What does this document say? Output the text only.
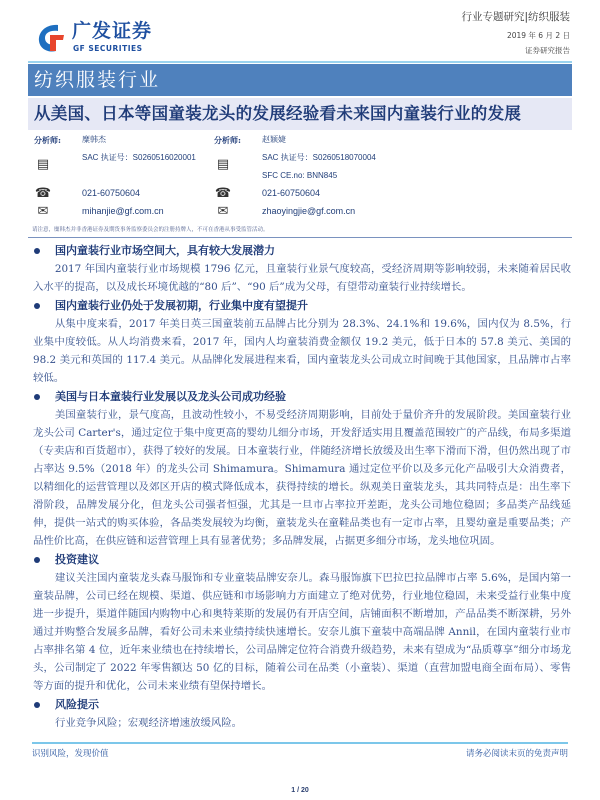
广发证券
GF SECURITIES
行业专题研究|纺织服装
2019 年 6 月 2 日
证券研究报告
纺织服装行业
从美国、日本等国童装龙头的发展经验看未来国内童装行业的发展
分析师:	糜韩杰
▤	SAC 执证号：S0260516020001
☎	021-60750604
✉	mihanjie@gf.com.cn
分析师:	赵颖婕
▤	SAC 执证号：S0260518070004
SFC CE.no: BNN845
☎	021-60750604
✉	zhaoyingjie@gf.com.cn
请注意，糜韩杰并非香港证券及期货事务监察委员会的注册持牌人，不可在香港从事受监管活动。
国内童装行业市场空间大，具有较大发展潜力
2017 年国内童装行业市场规模 1796 亿元，且童装行业景气度较高，受经济周期等影响较弱，未来随着居民收入水平的提高，以及成长环境优越的“80 后”、“90 后”成为父母，有望带动童装行业持续增长。
国内童装行业仍处于发展初期，行业集中度有望提升
从集中度来看，2017 年美日英三国童装前五品牌占比分别为 28.3%、24.1%和 19.6%，国内仅为 8.5%，行业集中度较低。从人均消费来看，2017 年，国内人均童装消费金额仅 19.2 美元，低于日本的 57.8 美元、美国的 98.2 美元和英国的 117.4 美元。从品牌化发展进程来看，国内童装龙头公司成立时间晚于其他国家，且品牌市占率较低。
美国与日本童装行业发展以及龙头公司成功经验
美国童装行业，景气度高，且波动性较小，不易受经济周期影响，目前处于量价齐升的发展阶段。美国童装行业龙头公司 Carter's，通过定位于集中度更高的婴幼儿细分市场，开发舒适实用且覆盖范围较广的产品线，布局多渠道（专卖店和百货超市），获得了较好的发展。日本童装行业，伴随经济增长放缓及出生率下滑而下滑，但仍然出现了市占率达 9.5%（2018 年）的龙头公司 Shimamura。Shimamura 通过定位平价以及多元化产品吸引大众消费者，以精细化的运营管理以及郊区开店的模式降低成本，获得持续的增长。纵观美日童装龙头，其共同特点是：出生率下滑阶段，品牌发展分化，但龙头公司强者恒强，尤其是一旦市占率拉开差距，龙头公司地位稳固；多品类产品线延伸，提供一站式的购买体验，各品类发展较为均衡，童装龙头在童鞋品类也有一定市占率，且婴幼童是重要品类；产品性价比高，在供应链和运营管理上具有显著优势；多品牌发展，占据更多细分市场，龙头地位巩固。
投资建议
建议关注国内童装龙头森马服饰和专业童装品牌安奈儿。森马服饰旗下巴拉巴拉品牌市占率 5.6%，是国内第一童装品牌，公司已经在规模、渠道、供应链和市场影响力方面建立了绝对优势，行业地位稳固，未来受益行业集中度进一步提升，渠道伴随国内购物中心和奥特莱斯的发展仍有开店空间，店铺面积不断增加，产品品类不断深耕，另外通过并购整合发展多品牌，看好公司未来业绩持续快速增长。安奈儿旗下童装中高端品牌 Annil，在国内童装行业市占率排名第 4 位，近年来业绩也在持续增长，公司品牌定位符合消费升级趋势，未来有望成为“品质尊享”细分市场龙头，公司制定了 2022 年零售额达 50 亿的目标，随着公司在品类（小童装）、渠道（直营加盟电商全面布局）、零售等方面的提升和优化，公司未来业绩有望保持增长。
风险提示
行业竞争风险；宏观经济增速放缓风险。
识别风险，发现价值	请务必阅读末页的免责声明
1 / 20
